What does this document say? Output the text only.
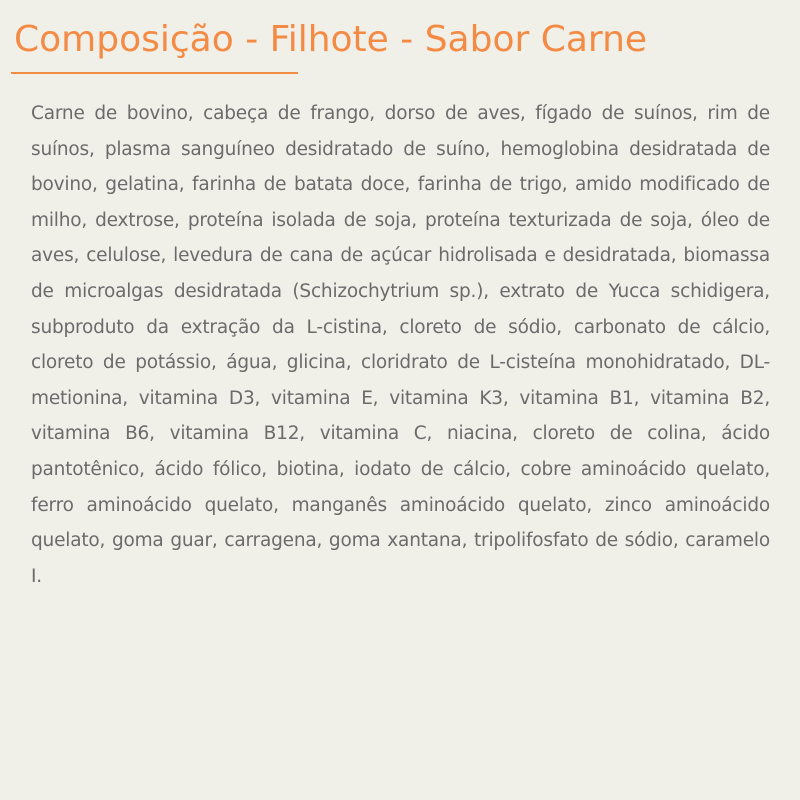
Composição - Filhote - Sabor Carne

Carne de bovino, cabeça de frango, dorso de aves, fígado de suínos, rim de suínos, plasma sanguíneo desidratado de suíno, hemoglobina desidratada de bovino, gelatina, farinha de batata doce, farinha de trigo, amido modificado de milho, dextrose, proteína isolada de soja, proteína texturizada de soja, óleo de aves, celulose, levedura de cana de açúcar hidrolisada e desidratada, biomassa de microalgas desidratada (Schizochytrium sp.), extrato de Yucca schidigera, subproduto da extração da L-cistina, cloreto de sódio, carbonato de cálcio, cloreto de potássio, água, glicina, cloridrato de L-cisteína monohidratado, DL-metionina, vitamina D3, vitamina E, vitamina K3, vitamina B1, vitamina B2, vitamina B6, vitamina B12, vitamina C, niacina, cloreto de colina, ácido pantotênico, ácido fólico, biotina, iodato de cálcio, cobre aminoácido quelato, ferro aminoácido quelato, manganês aminoácido quelato, zinco aminoácido quelato, goma guar, carragena, goma xantana, tripolifosfato de sódio, caramelo I.
